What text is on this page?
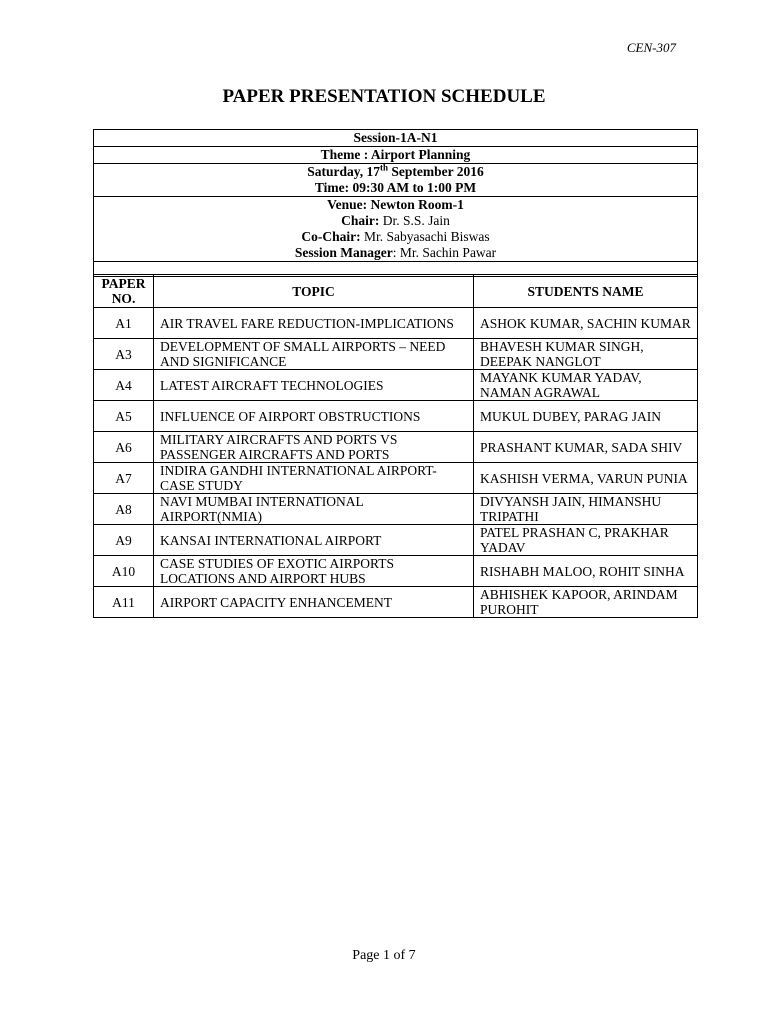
CEN-307
PAPER PRESENTATION SCHEDULE
Session-1A-N1
Theme : Airport Planning
Saturday, 17th September 2016
Time: 09:30 AM to 1:00 PM
Venue: Newton Room-1
Chair: Dr. S.S. Jain
Co-Chair: Mr. Sabyasachi Biswas
Session Manager: Mr. Sachin Pawar

PAPER
NO.	TOPIC	STUDENTS NAME
A1	AIR TRAVEL FARE REDUCTION-IMPLICATIONS	ASHOK KUMAR, SACHIN KUMAR
A3	DEVELOPMENT OF SMALL AIRPORTS – NEED AND SIGNIFICANCE	BHAVESH KUMAR SINGH, DEEPAK NANGLOT
A4	LATEST AIRCRAFT TECHNOLOGIES	MAYANK KUMAR YADAV, NAMAN AGRAWAL
A5	INFLUENCE OF AIRPORT OBSTRUCTIONS	MUKUL DUBEY, PARAG JAIN
A6	MILITARY AIRCRAFTS AND PORTS VS PASSENGER AIRCRAFTS AND PORTS	PRASHANT KUMAR, SADA SHIV
A7	INDIRA GANDHI INTERNATIONAL AIRPORT-CASE STUDY	KASHISH VERMA, VARUN PUNIA
A8	NAVI MUMBAI INTERNATIONAL AIRPORT(NMIA)	DIVYANSH JAIN, HIMANSHU TRIPATHI
A9	KANSAI INTERNATIONAL AIRPORT	PATEL PRASHAN C, PRAKHAR YADAV
A10	CASE STUDIES OF EXOTIC AIRPORTS LOCATIONS AND AIRPORT HUBS	RISHABH MALOO, ROHIT SINHA
A11	AIRPORT CAPACITY ENHANCEMENT	ABHISHEK KAPOOR, ARINDAM PUROHIT
Page 1 of 7
